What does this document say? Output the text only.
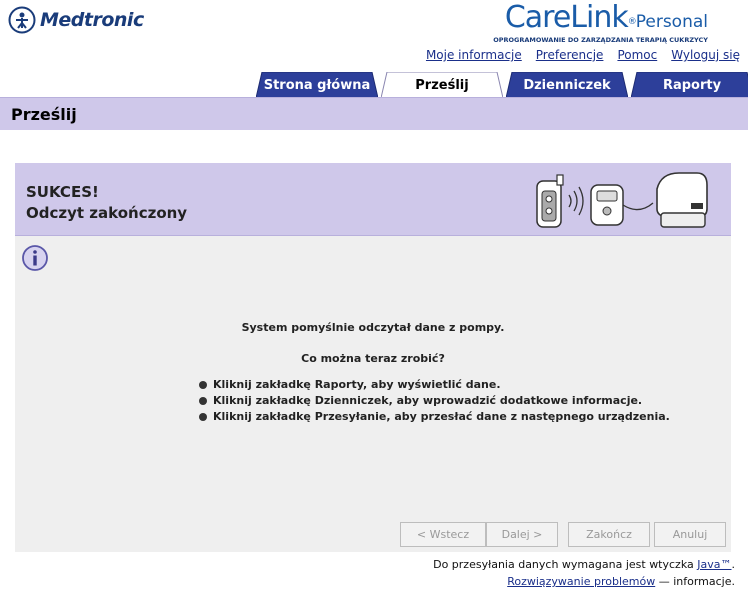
Medtronic	CareLink®Personal
OPROGRAMOWANIE DO ZARZĄDZANIA TERAPIĄ CUKRZYCY
Moje informacje Preferencje Pomoc Wyloguj się
Strona główna	Prześlij	Dzienniczek	Raporty
Prześlij
SUKCES!
Odczyt zakończony
System pomyślnie odczytał dane z pompy.
Co można teraz zrobić?
Kliknij zakładkę Raporty, aby wyświetlić dane.
Kliknij zakładkę Dzienniczek, aby wprowadzić dodatkowe informacje.
Kliknij zakładkę Przesyłanie, aby przesłać dane z następnego urządzenia.
< Wstecz	Dalej >	Zakończ	Anuluj
Do przesyłania danych wymagana jest wtyczka Java™.
Rozwiązywanie problemów — informacje.
